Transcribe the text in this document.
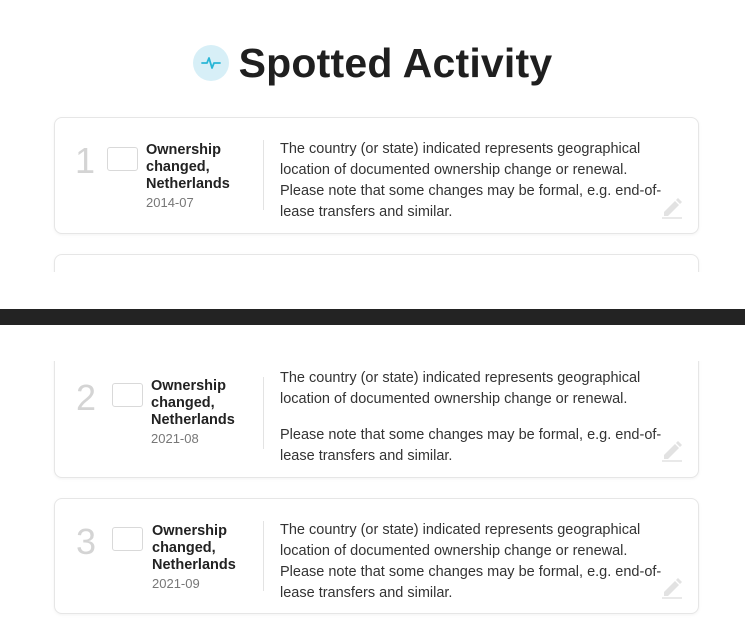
Spotted Activity
1	Ownership changed, Netherlands
2014-07

The country (or state) indicated represents geographical location of documented ownership change or renewal. Please note that some changes may be formal, e.g. end-of-lease transfers and similar.

2	Ownership changed, Netherlands
2021-08

The country (or state) indicated represents geographical location of documented ownership change or renewal.

Please note that some changes may be formal, e.g. end-of-lease transfers and similar.

3	Ownership changed, Netherlands
2021-09

The country (or state) indicated represents geographical location of documented ownership change or renewal. Please note that some changes may be formal, e.g. end-of-lease transfers and similar.
